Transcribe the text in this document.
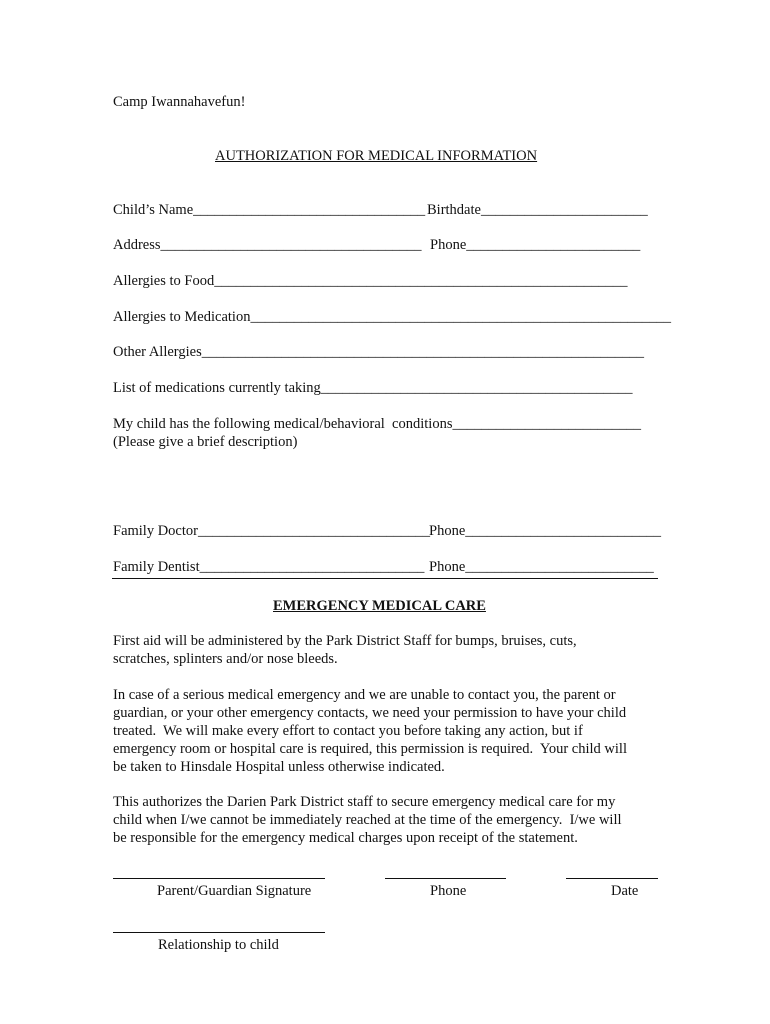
Camp Iwannahavefun!
AUTHORIZATION FOR MEDICAL INFORMATION
Child’s Name________________________________ Birthdate_______________________
Address____________________________________ Phone________________________
Allergies to Food_________________________________________________________
Allergies to Medication__________________________________________________________
Other Allergies_____________________________________________________________
List of medications currently taking___________________________________________
My child has the following medical/behavioral  conditions__________________________
(Please give a brief description)
Family Doctor________________________________ Phone___________________________
Family Dentist_______________________________ Phone__________________________
EMERGENCY MEDICAL CARE
First aid will be administered by the Park District Staff for bumps, bruises, cuts,
scratches, splinters and/or nose bleeds.
In case of a serious medical emergency and we are unable to contact you, the parent or
guardian, or your other emergency contacts, we need your permission to have your child
treated.  We will make every effort to contact you before taking any action, but if
emergency room or hospital care is required, this permission is required.  Your child will
be taken to Hinsdale Hospital unless otherwise indicated.
This authorizes the Darien Park District staff to secure emergency medical care for my
child when I/we cannot be immediately reached at the time of the emergency.  I/we will
be responsible for the emergency medical charges upon receipt of the statement.
Parent/Guardian Signature	Phone	Date
Relationship to child
